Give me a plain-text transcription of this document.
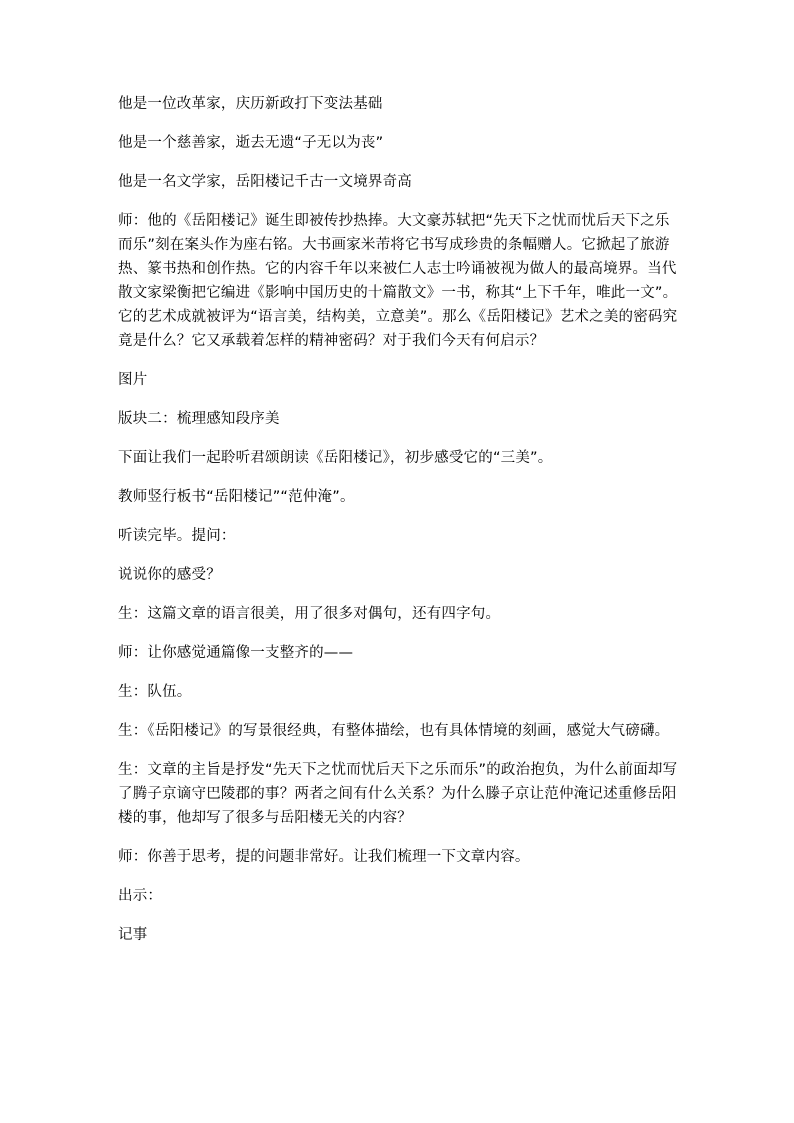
他是一位改革家，庆历新政打下变法基础

他是一个慈善家，逝去无遗“子无以为丧”

他是一名文学家，岳阳楼记千古一文境界奇高

师：他的《岳阳楼记》诞生即被传抄热捧。大文豪苏轼把“先天下之忧而忧后天下之乐而乐”刻在案头作为座右铭。大书画家米芾将它书写成珍贵的条幅赠人。它掀起了旅游热、篆书热和创作热。它的内容千年以来被仁人志士吟诵被视为做人的最高境界。当代散文家梁衡把它编进《影响中国历史的十篇散文》一书，称其“上下千年，唯此一文”。它的艺术成就被评为“语言美，结构美，立意美”。那么《岳阳楼记》艺术之美的密码究竟是什么？它又承载着怎样的精神密码？对于我们今天有何启示？

图片

版块二：梳理感知段序美

下面让我们一起聆听君颂朗读《岳阳楼记》，初步感受它的“三美”。

教师竖行板书“岳阳楼记”“范仲淹”。

听读完毕。提问：

说说你的感受？

生：这篇文章的语言很美，用了很多对偶句，还有四字句。

师：让你感觉通篇像一支整齐的——

生：队伍。

生：《岳阳楼记》的写景很经典，有整体描绘，也有具体情境的刻画，感觉大气磅礴。

生：文章的主旨是抒发“先天下之忧而忧后天下之乐而乐”的政治抱负，为什么前面却写了腾子京谪守巴陵郡的事？两者之间有什么关系？为什么滕子京让范仲淹记述重修岳阳楼的事，他却写了很多与岳阳楼无关的内容？

师：你善于思考，提的问题非常好。让我们梳理一下文章内容。

出示：

记事
